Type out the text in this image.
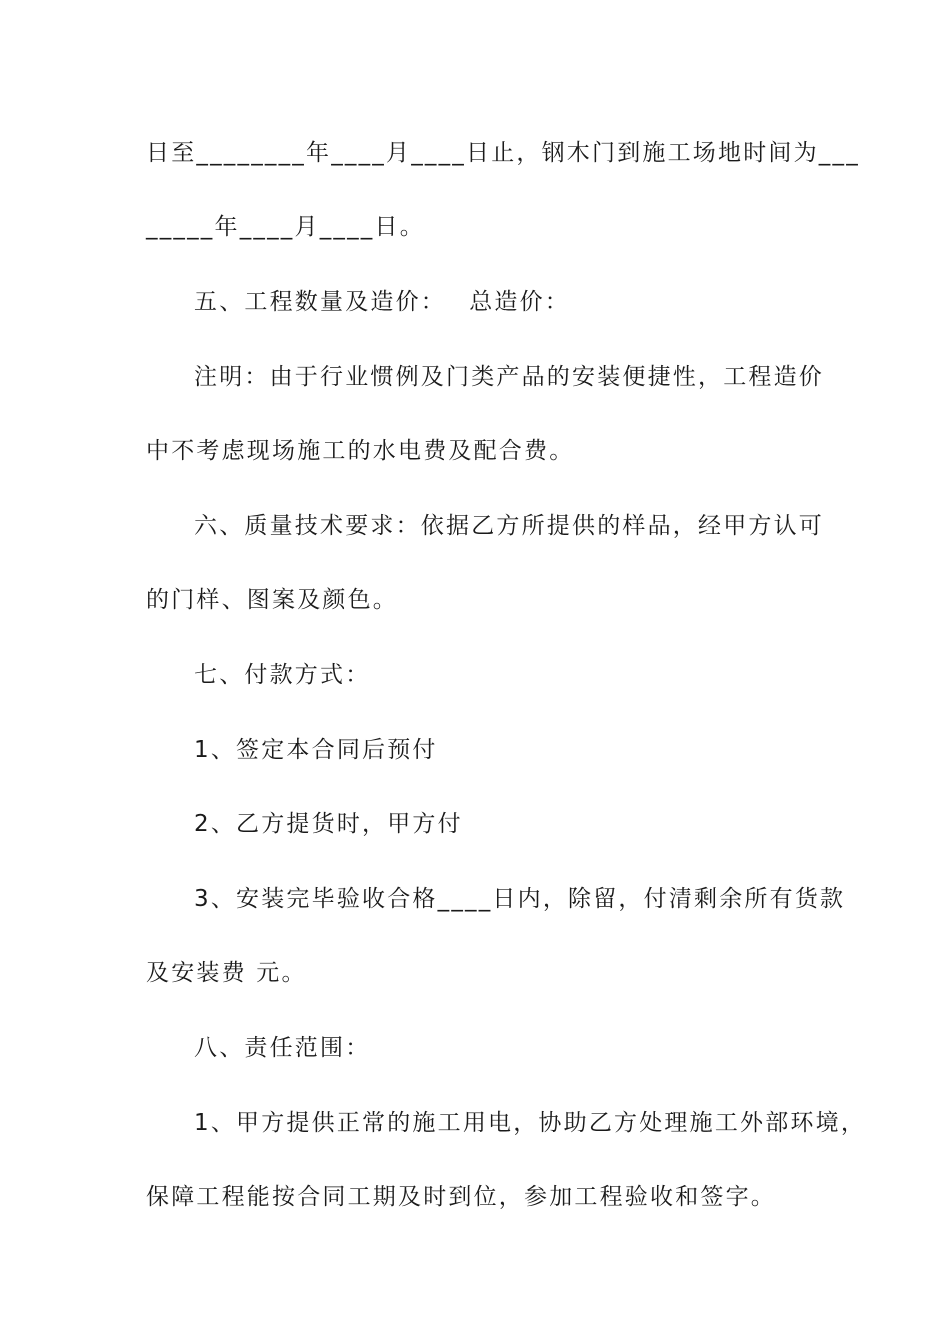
日至________年____月____日止，钢木门到施工场地时间为___
_____年____月____日。
五、工程数量及造价：　 总造价：
注明：由于行业惯例及门类产品的安装便捷性，工程造价
中不考虑现场施工的水电费及配合费。
六、质量技术要求：依据乙方所提供的样品，经甲方认可
的门样、图案及颜色。
七、付款方式：
1、签定本合同后预付
2、乙方提货时，甲方付
3、安装完毕验收合格____日内，除留，付清剩余所有货款
及安装费 元。
八、责任范围：
1、甲方提供正常的施工用电，协助乙方处理施工外部环境，
保障工程能按合同工期及时到位，参加工程验收和签字。
